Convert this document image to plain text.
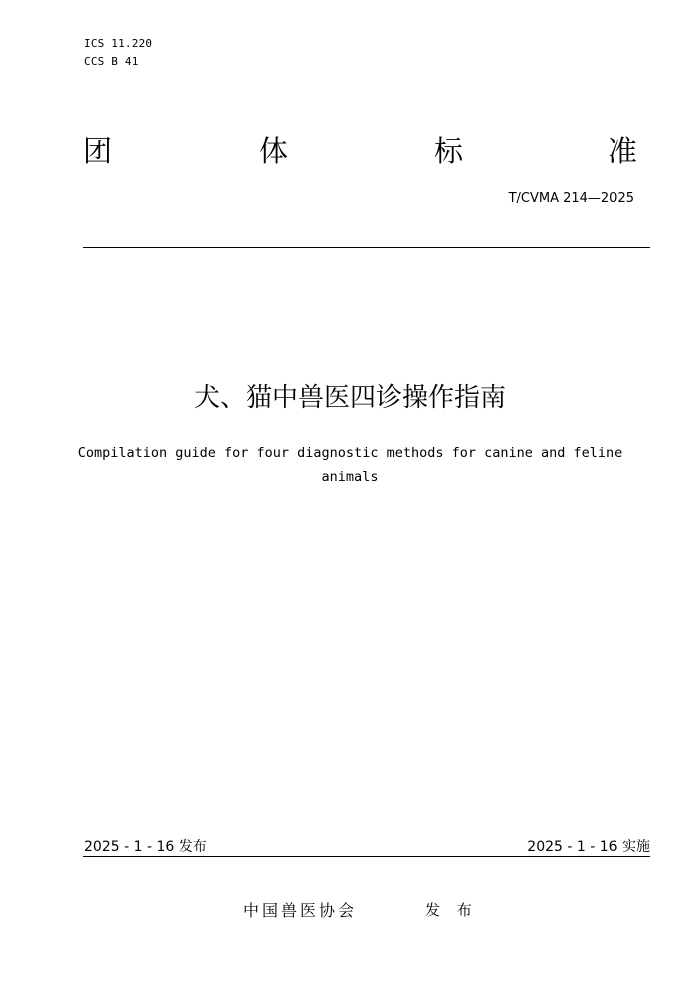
ICS 11.220
CCS B 41
团	体	标	准
T/CVMA 214—2025
犬、猫中兽医四诊操作指南
Compilation guide for four diagnostic methods for canine and feline animals
2025 - 1 - 16 发布	2025 - 1 - 16 实施
中国兽医协会	发 布
